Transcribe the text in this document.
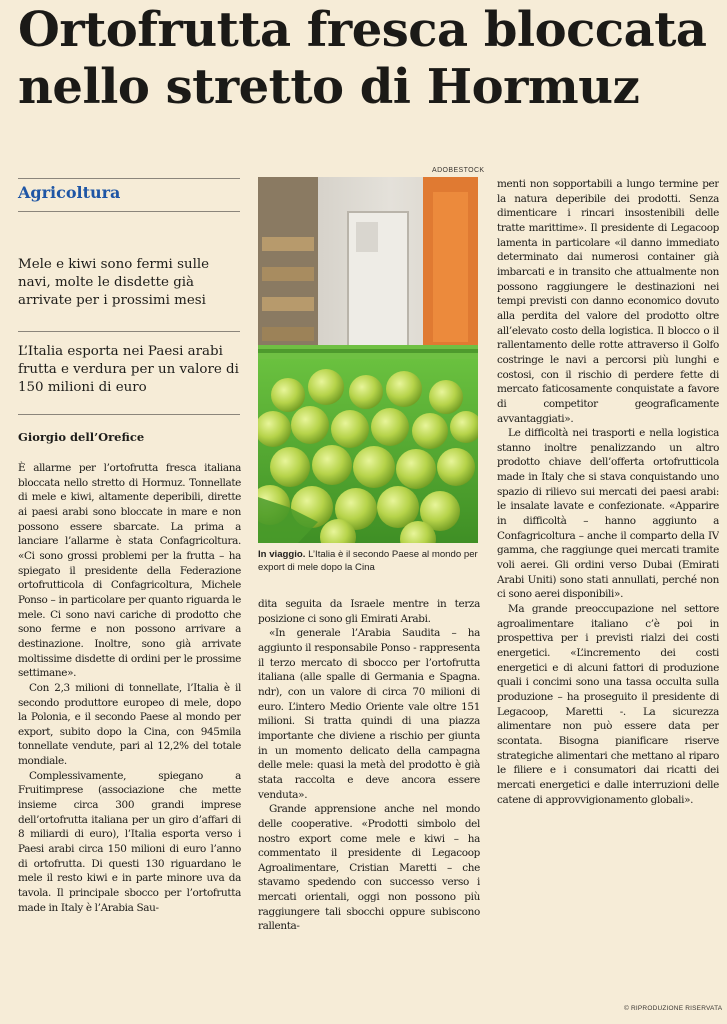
Ortofrutta fresca bloccata
nello stretto di Hormuz
ADOBESTOCK
Agricoltura
Mele e kiwi sono fermi sulle navi, molte le disdette già arrivate per i prossimi mesi
L’Italia esporta nei Paesi arabi frutta e verdura per un valore di 150 milioni di euro
Giorgio dell’Orefice

È allarme per l’ortofrutta fresca italiana bloccata nello stretto di Hormuz. Tonnellate di mele e kiwi, altamente deperibili, dirette ai paesi arabi sono bloccate in mare e non possono essere sbarcate. La prima a lanciare l’allarme è stata Confagricoltura. «Ci sono grossi problemi per la frutta – ha spiegato il presidente della Federazione ortofrutticola di Confagricoltura, Michele Ponso – in particolare per quanto riguarda le mele. Ci sono navi cariche di prodotto che sono ferme e non possono arrivare a destinazione. Inoltre, sono già arrivate moltissime disdette di ordini per le prossime settimane».

Con 2,3 milioni di tonnellate, l’Italia è il secondo produttore europeo di mele, dopo la Polonia, e il secondo Paese al mondo per export, subito dopo la Cina, con 945mila tonnellate vendute, pari al 12,2% del totale mondiale.

Complessivamente, spiegano a Fruitimprese (associazione che mette insieme circa 300 grandi imprese dell’ortofrutta italiana per un giro d’affari di 8 miliardi di euro), l’Italia esporta verso i Paesi arabi circa 150 milioni di euro l’anno di ortofrutta. Di questi 130 riguardano le mele il resto kiwi e in parte minore uva da tavola. Il principale sbocco per l’ortofrutta made in Italy è l’Arabia Sau-

In viaggio. L’Italia è il secondo Paese al mondo per export di mele dopo la Cina

dita seguita da Israele mentre in terza posizione ci sono gli Emirati Arabi.

«In generale l’Arabia Saudita – ha aggiunto il responsabile Ponso - rappresenta il terzo mercato di sbocco per l’ortofrutta italiana (alle spalle di Germania e Spagna. ndr), con un valore di circa 70 milioni di euro. L’intero Medio Oriente vale oltre 151 milioni. Si tratta quindi di una piazza importante che diviene a rischio per giunta in un momento delicato della campagna delle mele: quasi la metà del prodotto è già stata raccolta e deve ancora essere venduta».

Grande apprensione anche nel mondo delle cooperative. «Prodotti simbolo del nostro export come mele e kiwi – ha commentato il presidente di Legacoop Agroalimentare, Cristian Maretti – che stavamo spedendo con successo verso i mercati orientali, oggi non possono più raggiungere tali sbocchi oppure subiscono rallenta-

menti non sopportabili a lungo termine per la natura deperibile dei prodotti. Senza dimenticare i rincari insostenibili delle tratte marittime». Il presidente di Legacoop lamenta in particolare «il danno immediato determinato dai numerosi container già imbarcati e in transito che attualmente non possono raggiungere le destinazioni nei tempi previsti con danno economico dovuto alla perdita del valore del prodotto oltre all’elevato costo della logistica. Il blocco o il rallentamento delle rotte attraverso il Golfo costringe le navi a percorsi più lunghi e costosi, con il rischio di perdere fette di mercato faticosamente conquistate a favore di competitor geograficamente avvantaggiati».

Le difficoltà nei trasporti e nella logistica stanno inoltre penalizzando un altro prodotto chiave dell’offerta ortofrutticola made in Italy che si stava conquistando uno spazio di rilievo sui mercati dei paesi arabi: le insalate lavate e confezionate. «Apparire in difficoltà – hanno aggiunto a Confagricoltura – anche il comparto della IV gamma, che raggiunge quei mercati tramite voli aerei. Gli ordini verso Dubai (Emirati Arabi Uniti) sono stati annullati, perché non ci sono aerei disponibili».

Ma grande preoccupazione nel settore agroalimentare italiano c’è poi in prospettiva per i previsti rialzi dei costi energetici. «L’incremento dei costi energetici e di alcuni fattori di produzione quali i concimi sono una tassa occulta sulla produzione – ha proseguito il presidente di Legacoop, Maretti -. La sicurezza alimentare non può essere data per scontata. Bisogna pianificare riserve strategiche alimentari che mettano al riparo le filiere e i consumatori dai ricatti dei mercati energetici e dalle interruzioni delle catene di approvvigionamento globali».

© RIPRODUZIONE RISERVATA
